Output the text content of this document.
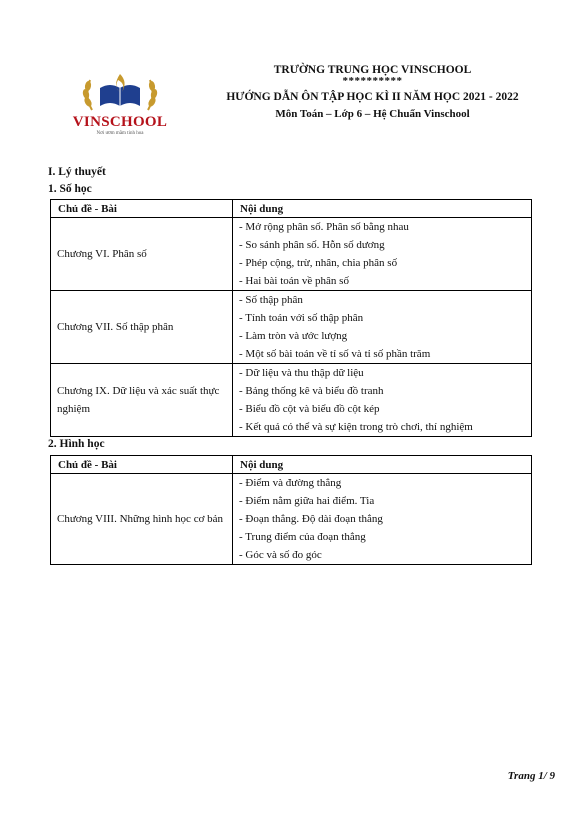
VINSCHOOL
Nơi ươm mầm tinh hoa
TRƯỜNG TRUNG HỌC VINSCHOOL
**********
HƯỚNG DẪN ÔN TẬP HỌC KÌ II NĂM HỌC 2021 - 2022
Môn Toán – Lớp 6 – Hệ Chuẩn Vinschool
I. Lý thuyết
1. Số học
Chủ đề - Bài	Nội dung
Chương VI. Phân số	- Mở rộng phân số. Phân số bằng nhau
- So sánh phân số. Hỗn số dương
- Phép cộng, trừ, nhân, chia phân số
- Hai bài toán về phân số

Chương VII. Số thập phân	- Số thập phân
- Tính toán với số thập phân
- Làm tròn và ước lượng
- Một số bài toán về tỉ số và tỉ số phần trăm

Chương IX. Dữ liệu và xác suất thực nghiệm	- Dữ liệu và thu thập dữ liệu
- Bảng thống kê và biểu đồ tranh
- Biểu đồ cột và biểu đồ cột kép
- Kết quả có thể và sự kiện trong trò chơi, thí nghiệm
2. Hình học
Chủ đề - Bài	Nội dung
Chương VIII. Những hình học cơ bản	- Điểm và đường thẳng
- Điểm nằm giữa hai điểm. Tia
- Đoạn thẳng. Độ dài đoạn thẳng
- Trung điểm của đoạn thẳng
- Góc và số đo góc
Trang 1/ 9
